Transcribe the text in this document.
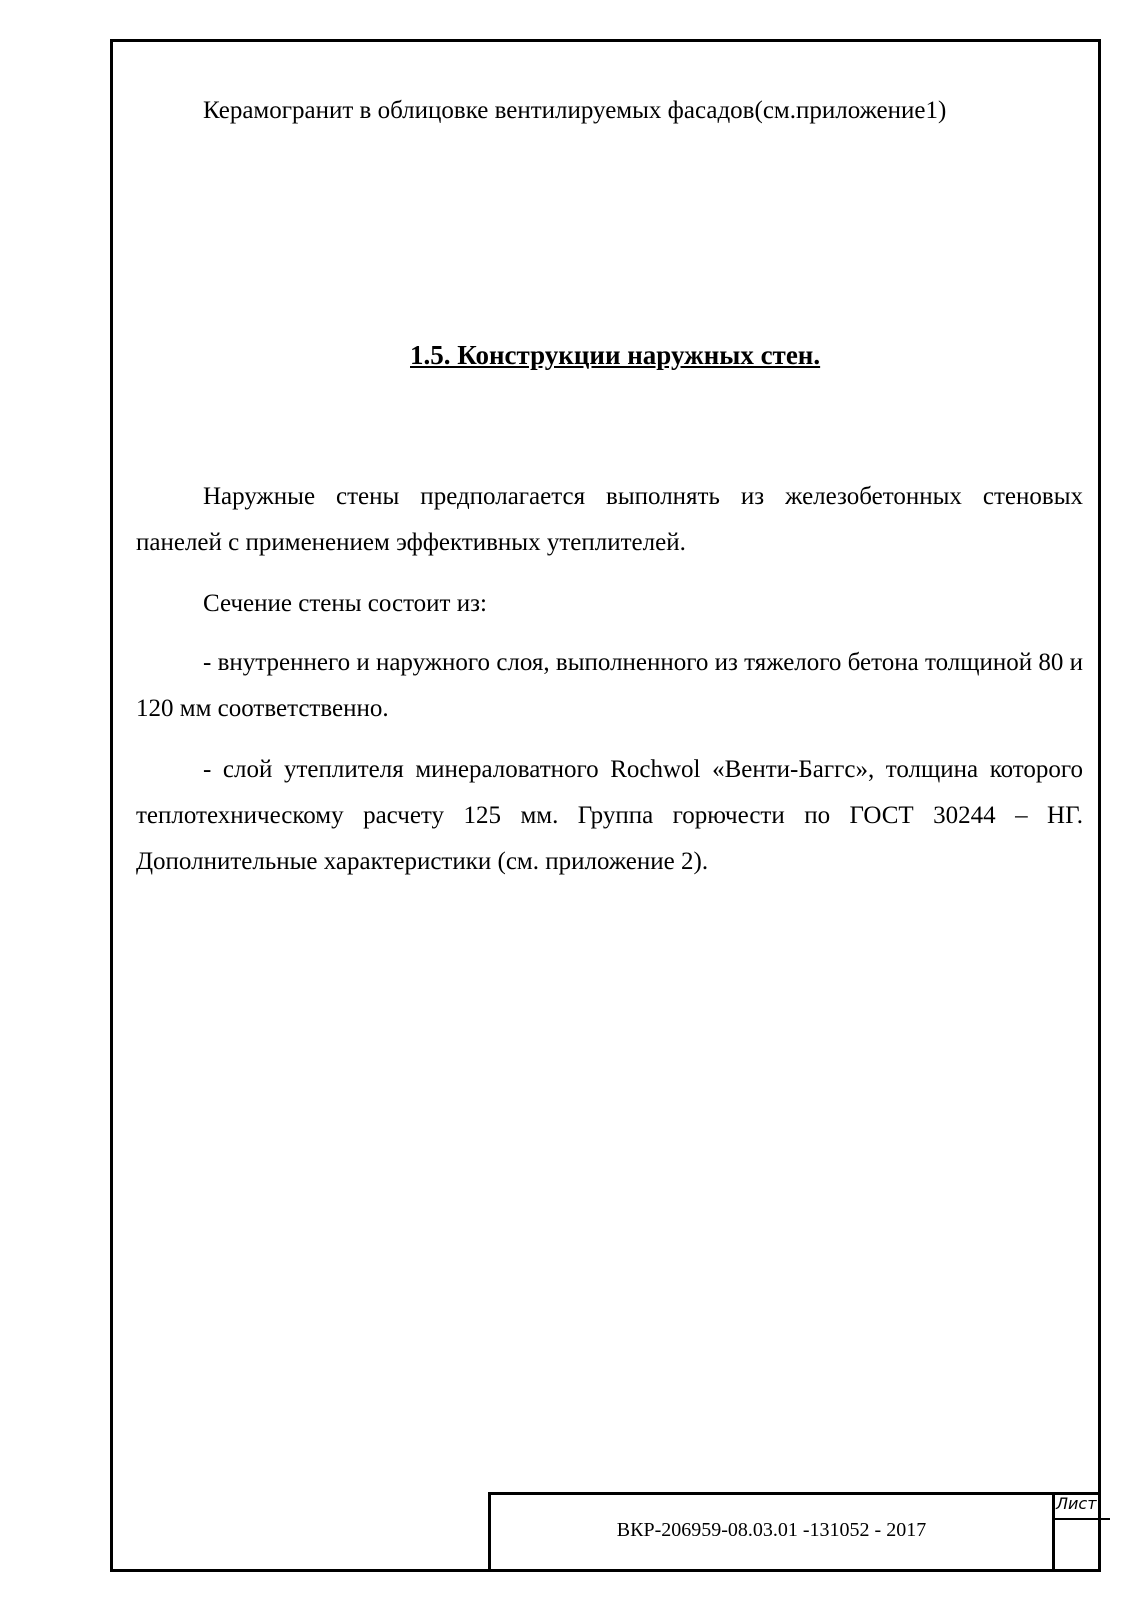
Керамогранит в облицовке вентилируемых фасадов(см.приложение1)

1.5. Конструкции наружных стен.

Наружные стены предполагается выполнять из железобетонных стеновых панелей с применением эффективных утеплителей.

Сечение стены состоит из:

- внутреннего и наружного слоя, выполненного из тяжелого бетона толщиной 80 и 120 мм соответственно.

- слой утеплителя минераловатного Rochwol «Венти-Баггс», толщина которого теплотехническому расчету 125 мм. Группа горючести по ГОСТ 30244 – НГ. Дополнительные характеристики (см. приложение 2).

Лист
ВКР-206959-08.03.01 -131052 - 2017
